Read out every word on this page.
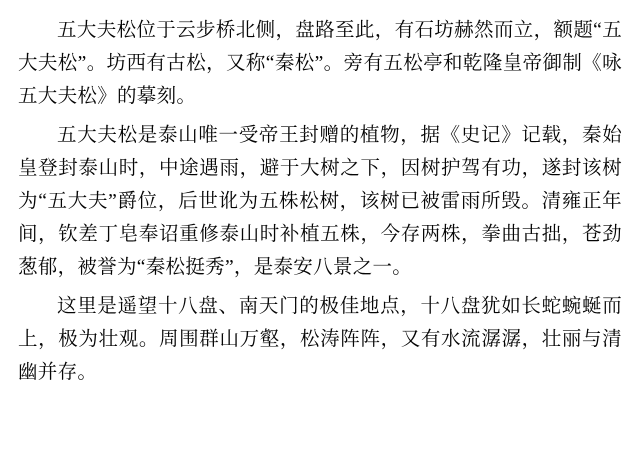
五大夫松位于云步桥北侧，盘路至此，有石坊赫然而立，额题“五大夫松”。坊西有古松，又称“秦松”。旁有五松亭和乾隆皇帝御制《咏五大夫松》的摹刻。

五大夫松是泰山唯一受帝王封赠的植物，据《史记》记载，秦始皇登封泰山时，中途遇雨，避于大树之下，因树护驾有功，遂封该树为“五大夫”爵位，后世讹为五株松树，该树已被雷雨所毁。清雍正年间，钦差丁皂奉诏重修泰山时补植五株，今存两株，拳曲古拙，苍劲葱郁，被誉为“秦松挺秀”，是泰安八景之一。

这里是遥望十八盘、南天门的极佳地点，十八盘犹如长蛇蜿蜒而上，极为壮观。周围群山万壑，松涛阵阵，又有水流潺潺，壮丽与清幽并存。
